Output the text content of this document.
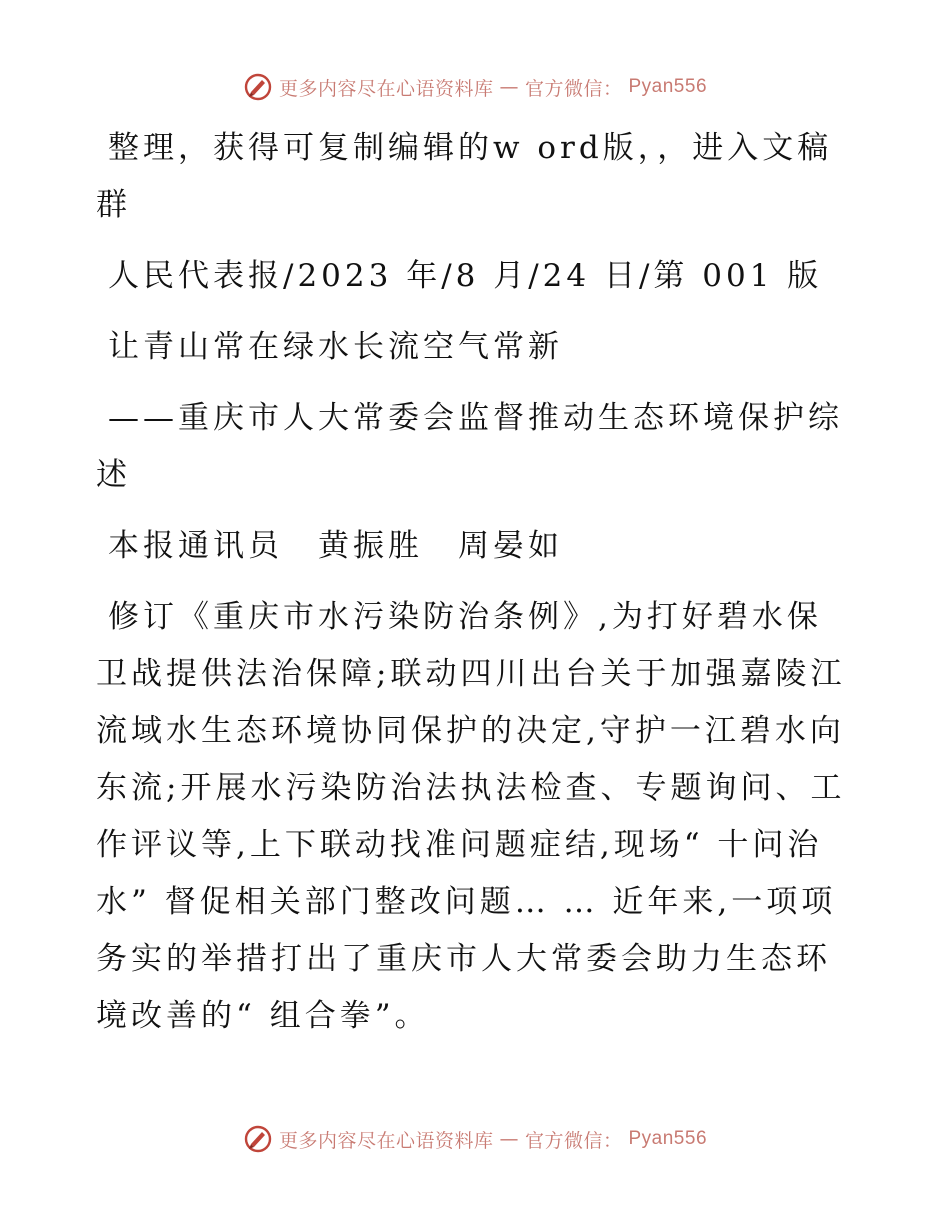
更多内容尽在心语资料库 — 官方微信： Pyan556

整理，获得可复制编辑的w ord版，，进入文稿群

人民代表报/2023 年/8 月/24 日/第 001 版

让青山常在绿水长流空气常新

——重庆市人大常委会监督推动生态环境保护综述

本报通讯员　黄振胜　周晏如

修订《重庆市水污染防治条例》,为打好碧水保卫战提供法治保障;联动四川出台关于加强嘉陵江流域水生态环境协同保护的决定,守护一江碧水向东流;开展水污染防治法执法检查、专题询问、工作评议等,上下联动找准问题症结,现场“ 十问治水” 督促相关部门整改问题… … 近年来,一项项务实的举措打出了重庆市人大常委会助力生态环境改善的“ 组合拳”。

更多内容尽在心语资料库 — 官方微信： Pyan556
